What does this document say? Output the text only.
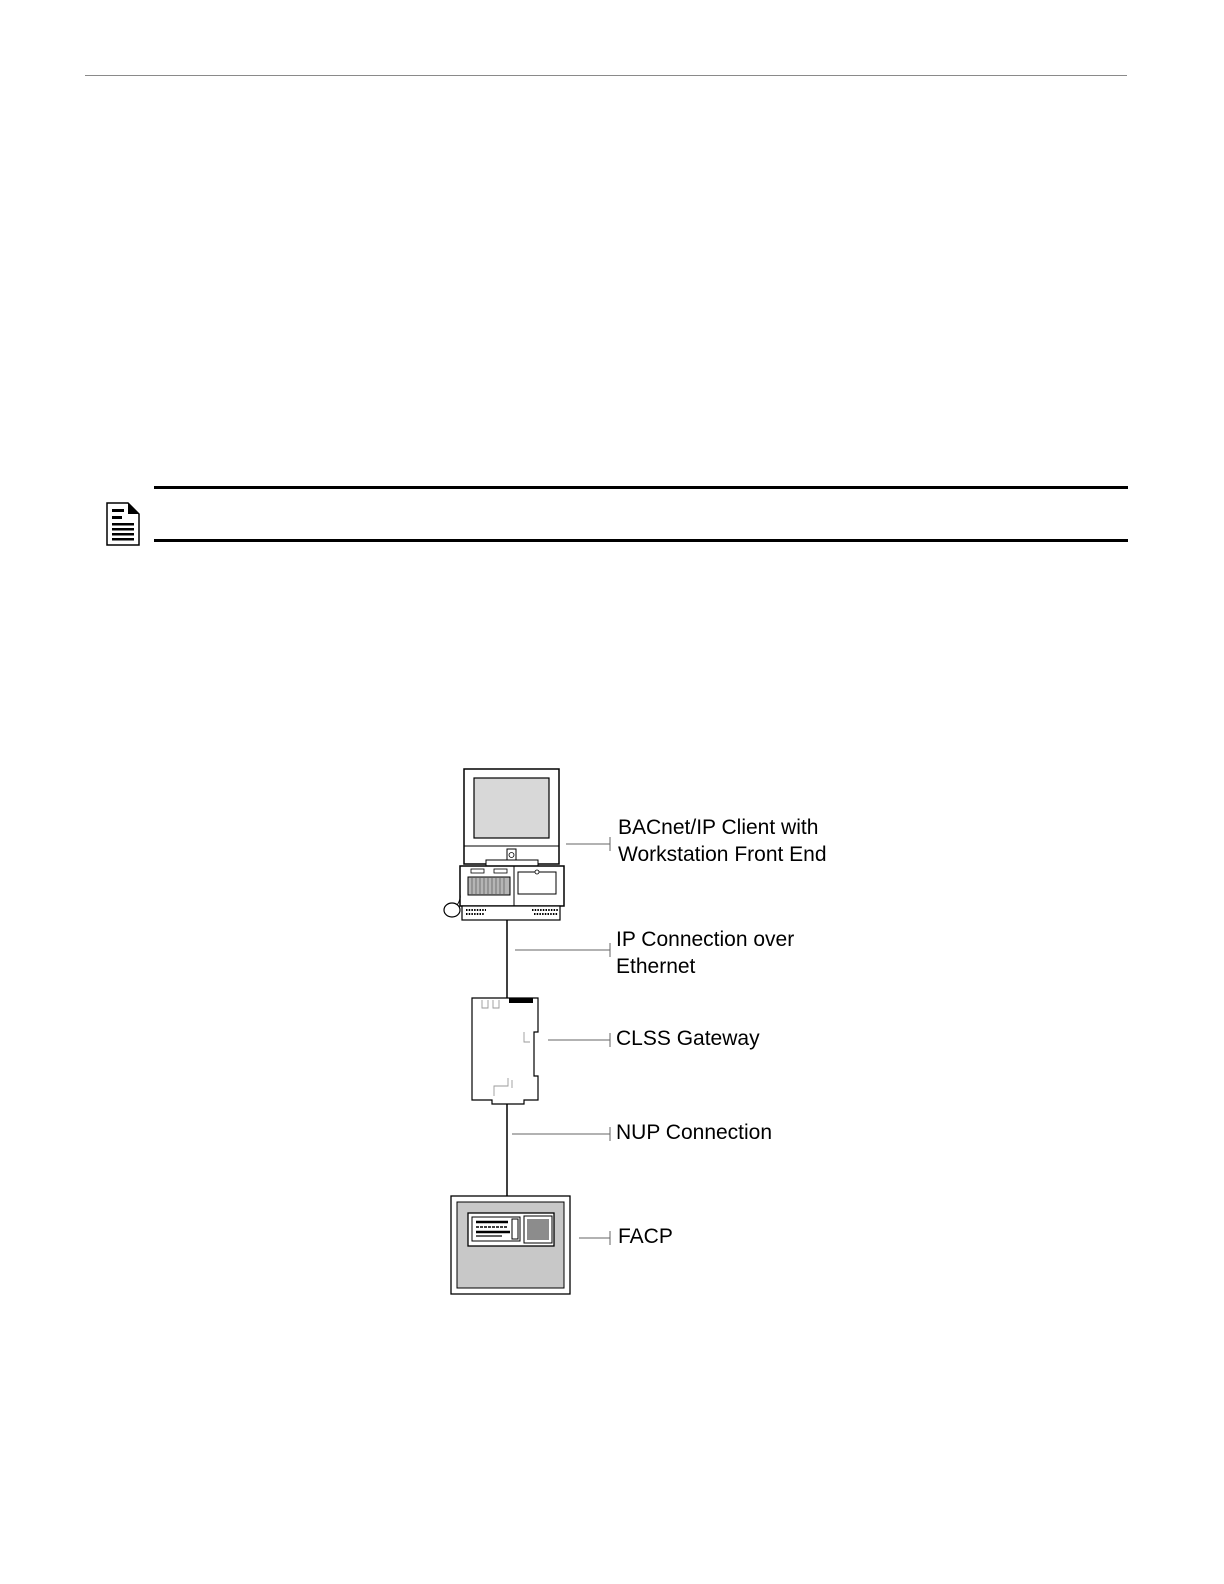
BACnet/IP Client with
Workstation Front End
IP Connection over
Ethernet
CLSS Gateway
NUP Connection
FACP
